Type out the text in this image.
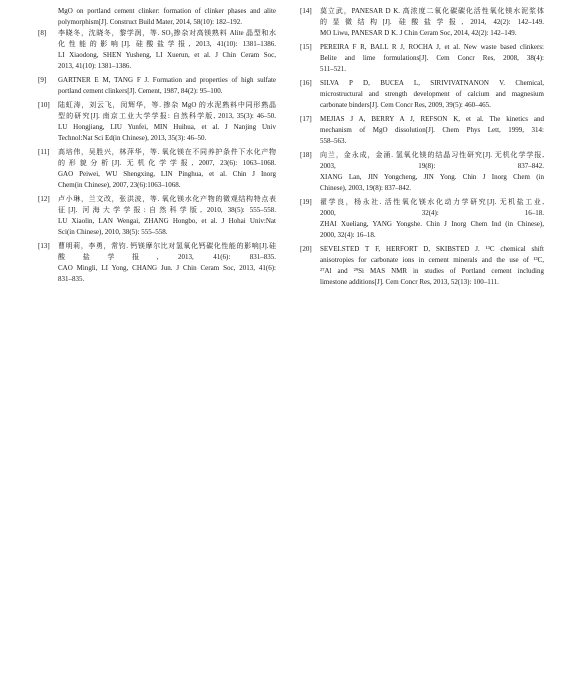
MgO on portland cement clinker: formation of clinker phases and alite
polymorphism[J]. Construct Build Mater, 2014, 58(10): 182–192.
[8]	李晓冬，沈晓冬，黎学润，等. SO₃掺杂对高镁熟料 Alite 晶型和水
化性能的影响[J]. 硅酸盐学报, 2013, 41(10): 1381–1386.
LI Xiaodong, SHEN Yusheng, LI Xuerun, et al. J Chin Ceram Soc,
2013, 41(10): 1381–1386.
[9]	GARTNER E M, TANG F J. Formation and properties of high sulfate
portland cement clinkers[J]. Cement, 1987, 84(2): 95–100.
[10]	陆虹涛，刘云飞，闵辉华，等. 掺杂 MgO 的水泥熟料中同形熟晶
型的研究[J]. 南京工业大学学报: 自然科学版, 2013, 35(3): 46–50.
LU Hongjiang, LIU Yunfei, MIN Huihua, et al. J Nanjing Univ
Technol:Nat Sci Ed(in Chinese), 2013, 35(3): 46–50.
[11]	高培伟，吴胜兴，林萍华，等. 氧化镁在不同养护条件下水化产物
的形貌分析[J]. 无机化学学报, 2007, 23(6): 1063–1068.
GAO Peiwei, WU Shengxing, LIN Pinghua, et al. Chin J Inorg
Chem(in Chinese), 2007, 23(6):1063–1068.
[12]	卢小琳，兰文改，张洪波，等. 氧化镁水化产物的微观结构特点表
征[J]. 河海大学学报:自然科学版, 2010, 38(5): 555–558.
LU Xiaolin, LAN Wengai, ZHANG Hongbo, et al. J Hohai Univ:Nat
Sci(in Chinese), 2010, 38(5): 555–558.
[13]	曹明莉，李勇，常钧. 钙镁摩尔比对氢氧化钙碳化性能的影响[J].硅
酸盐学报, 2013, 41(6): 831–835.
CAO Mingli, LI Yong, CHANG Jun. J Chin Ceram Soc, 2013, 41(6):
831–835.
[14]	莫立武，PANESAR D K. 高浓度二氧化碳碳化活性氧化镁水泥浆体
的显微结构[J]. 硅酸盐学报, 2014, 42(2): 142–149.
MO Liwu, PANESAR D K. J Chin Ceram Soc, 2014, 42(2): 142–149.
[15]	PEREIRA F R, BALL R J, ROCHA J, et al. New waste based clinkers:
Belite and lime formulations[J]. Cem Concr Res, 2008, 38(4):
511–521.
[16]	SILVA P D, BUCEA L, SIRIVIVATNANON V. Chemical,
microstructural and strength development of calcium and magnesium
carbonate binders[J]. Cem Concr Res, 2009, 39(5): 460–465.
[17]	MEJIAS J A, BERRY A J, REFSON K, et al. The kinetics and
mechanism of MgO dissolution[J]. Chem Phys Lett, 1999, 314:
558–563.
[18]	向兰，金永成，金涌. 氢氧化镁的结晶习性研究[J]. 无机化学学报,
2003, 19(8): 837–842.
XIANG Lan, JIN Yongcheng, JIN Yong. Chin J Inorg Chem (in
Chinese), 2003, 19(8): 837–842.
[19]	翟学良，杨永社. 活性氧化镁水化动力学研究[J]. 无机盐工业,
2000, 32(4): 16–18.
ZHAI Xueliang, YANG Yongshe. Chin J Inorg Chem Ind (in Chinese),
2000, 32(4): 16–18.
[20]	SEVELSTED T F, HERFORT D, SKIBSTED J. ¹³C chemical shift
anisotropies for carbonate ions in cement minerals and the use of ¹³C,
²⁷Al and ²⁹Si MAS NMR in studies of Portland cement including
limestone additions[J]. Cem Concr Res, 2013, 52(13): 100–111.
